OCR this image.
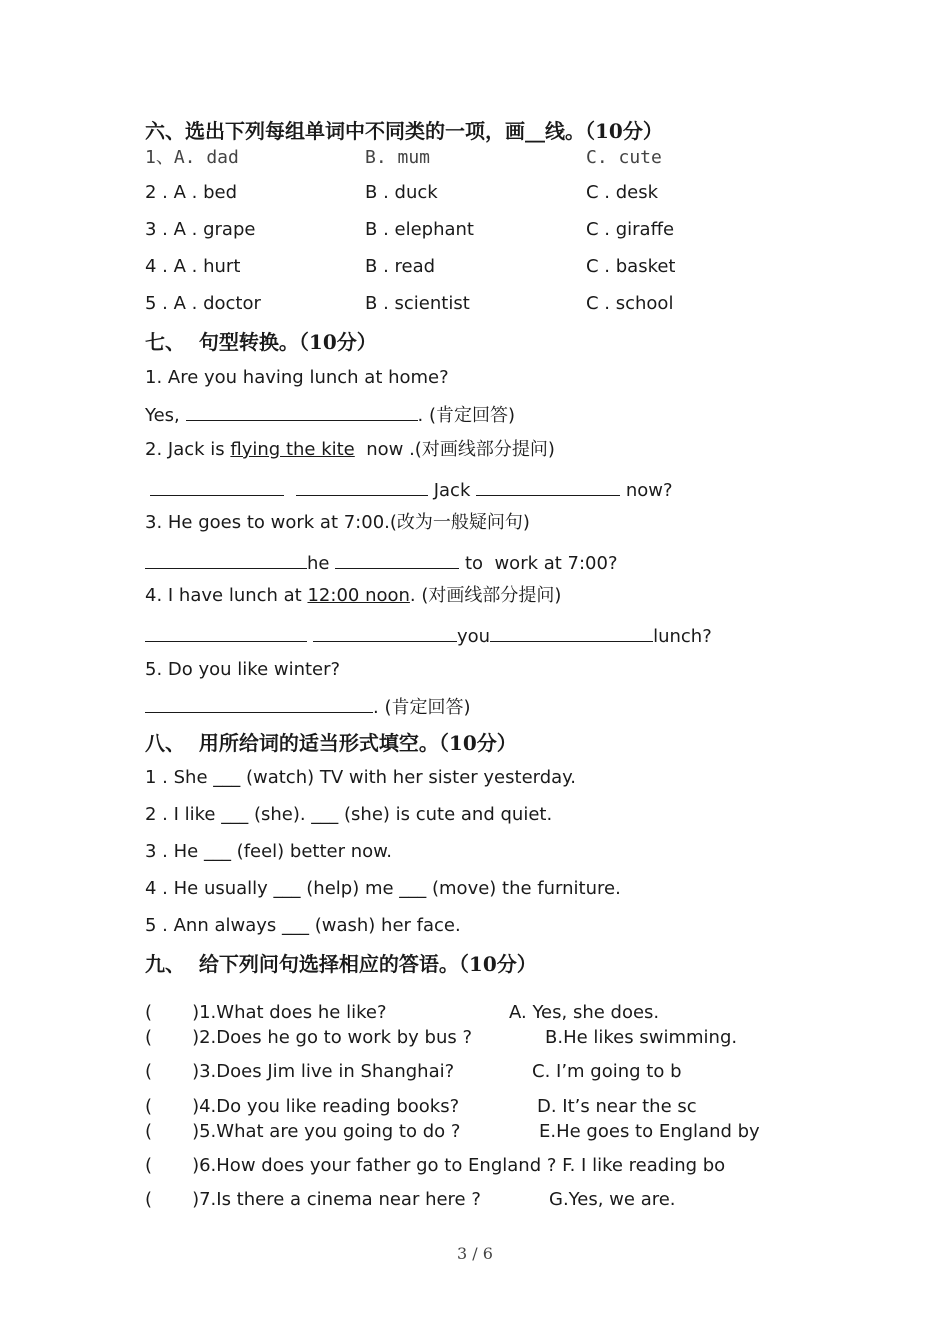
六、选出下列每组单词中不同类的一项，画__线。（10分）
1、A. dad	B. mum	C. cute
2 . A . bed	B . duck	C . desk
3 . A . grape	B . elephant	C . giraffe
4 . A . hurt	B . read	C . basket
5 . A . doctor	B . scientist	C . school
七、  句型转换。（10分）
1. Are you having lunch at home?
Yes,	. (肯定回答)
2. Jack is flying the kite  now .(对画线部分提问)
Jack	now?
3. He goes to work at 7:00.(改为一般疑问句)
he	to  work at 7:00?
4. I have lunch at 12:00 noon. (对画线部分提问)
you	lunch?
5. Do you like winter?
. (肯定回答)
八、  用所给词的适当形式填空。（10分）
1 . She ___ (watch) TV with her sister yesterday.
2 . I like ___ (she). ___ (she) is cute and quiet.
3 . He ___ (feel) better now.
4 . He usually ___ (help) me ___ (move) the furniture.
5 . Ann always ___ (wash) her face.
九、  给下列问句选择相应的答语。（10分）
(       )1.What does he like?	A. Yes, she does.
(       )2.Does he go to work by bus ?	B.He likes swimming.
(       )3.Does Jim live in Shanghai?	C. I’m going to b
(       )4.Do you like reading books?	D. It’s near the sc
(       )5.What are you going to do ?	E.He goes to England by
(       )6.How does your father go to England ? F. I like reading bo
(       )7.Is there a cinema near here ?	G.Yes, we are.
3 / 6
